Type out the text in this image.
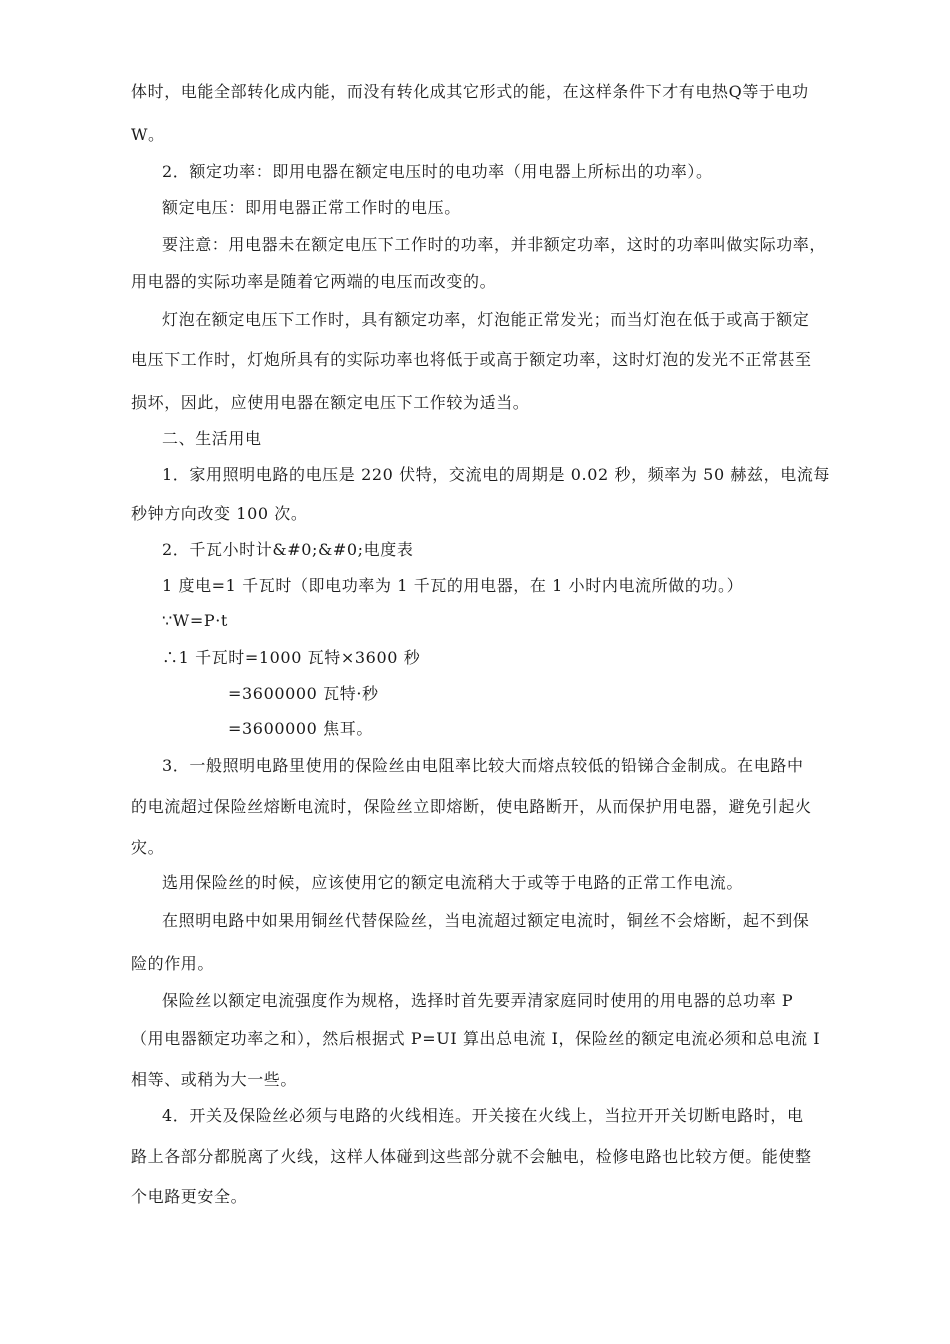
体时，电能全部转化成内能，而没有转化成其它形式的能，在这样条件下才有电热Q等于电功
W。
2．额定功率：即用电器在额定电压时的电功率（用电器上所标出的功率）。
额定电压：即用电器正常工作时的电压。
要注意：用电器未在额定电压下工作时的功率，并非额定功率，这时的功率叫做实际功率，
用电器的实际功率是随着它两端的电压而改变的。
灯泡在额定电压下工作时，具有额定功率，灯泡能正常发光；而当灯泡在低于或高于额定
电压下工作时，灯炮所具有的实际功率也将低于或高于额定功率，这时灯泡的发光不正常甚至
损坏，因此，应使用电器在额定电压下工作较为适当。
二、生活用电
1．家用照明电路的电压是 220 伏特，交流电的周期是 0.02 秒，频率为 50 赫兹，电流每
秒钟方向改变 100 次。
2．千瓦小时计&#0;&#0;电度表
1 度电=1 千瓦时（即电功率为 1 千瓦的用电器，在 1 小时内电流所做的功。）
∵W=P·t
∴1 千瓦时=1000 瓦特×3600 秒
=3600000 瓦特·秒
=3600000 焦耳。
3．一般照明电路里使用的保险丝由电阻率比较大而熔点较低的铅锑合金制成。在电路中
的电流超过保险丝熔断电流时，保险丝立即熔断，使电路断开，从而保护用电器，避免引起火
灾。
选用保险丝的时候，应该使用它的额定电流稍大于或等于电路的正常工作电流。
在照明电路中如果用铜丝代替保险丝，当电流超过额定电流时，铜丝不会熔断，起不到保
险的作用。
保险丝以额定电流强度作为规格，选择时首先要弄清家庭同时使用的用电器的总功率 P
（用电器额定功率之和），然后根据式 P=UI 算出总电流 I，保险丝的额定电流必须和总电流 I
相等、或稍为大一些。
4．开关及保险丝必须与电路的火线相连。开关接在火线上，当拉开开关切断电路时，电
路上各部分都脱离了火线，这样人体碰到这些部分就不会触电，检修电路也比较方便。能使整
个电路更安全。
